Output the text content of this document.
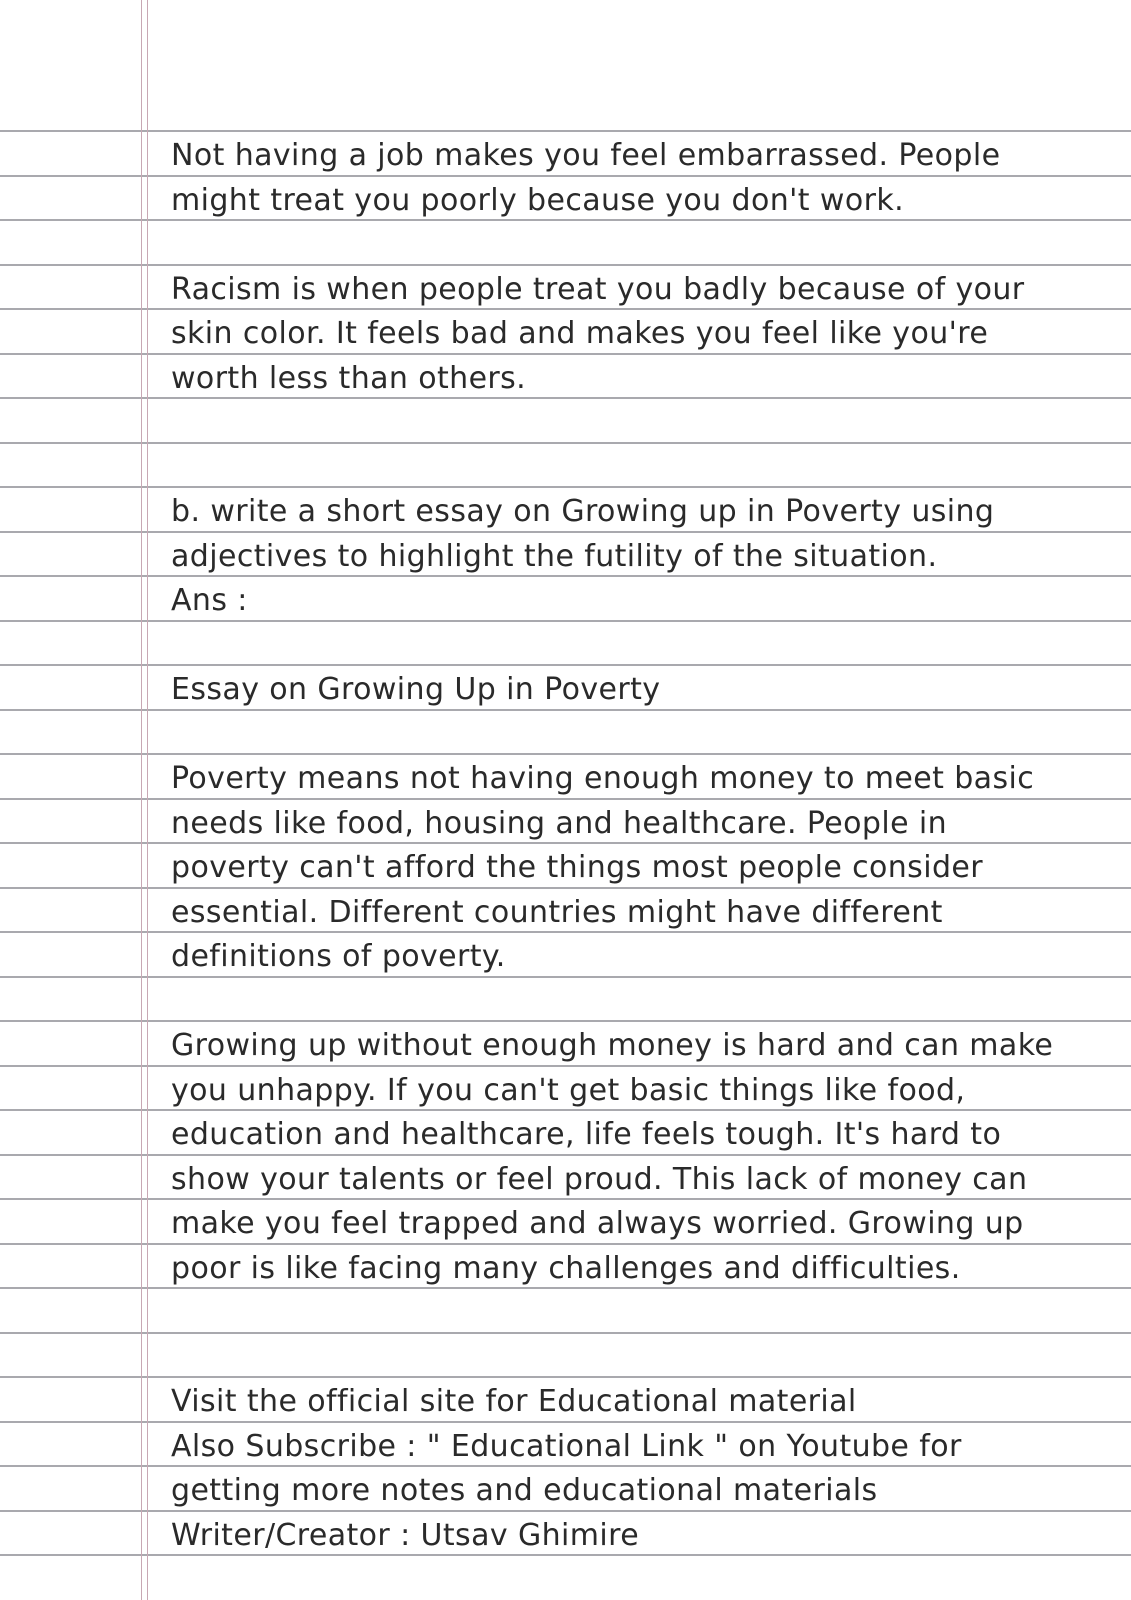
Not having a job makes you feel embarrassed. People
might treat you poorly because you don't work.
Racism is when people treat you badly because of your
skin color. It feels bad and makes you feel like you're
worth less than others.
b. write a short essay on Growing up in Poverty using
adjectives to highlight the futility of the situation.
Ans :
Essay on Growing Up in Poverty
Poverty means not having enough money to meet basic
needs like food, housing and healthcare. People in
poverty can't afford the things most people consider
essential. Different countries might have different
definitions of poverty.
Growing up without enough money is hard and can make
you unhappy. If you can't get basic things like food,
education and healthcare, life feels tough. It's hard to
show your talents or feel proud. This lack of money can
make you feel trapped and always worried. Growing up
poor is like facing many challenges and difficulties.
Visit the official site for Educational material
Also Subscribe : " Educational Link " on Youtube for
getting more notes and educational materials
Writer/Creator : Utsav Ghimire
